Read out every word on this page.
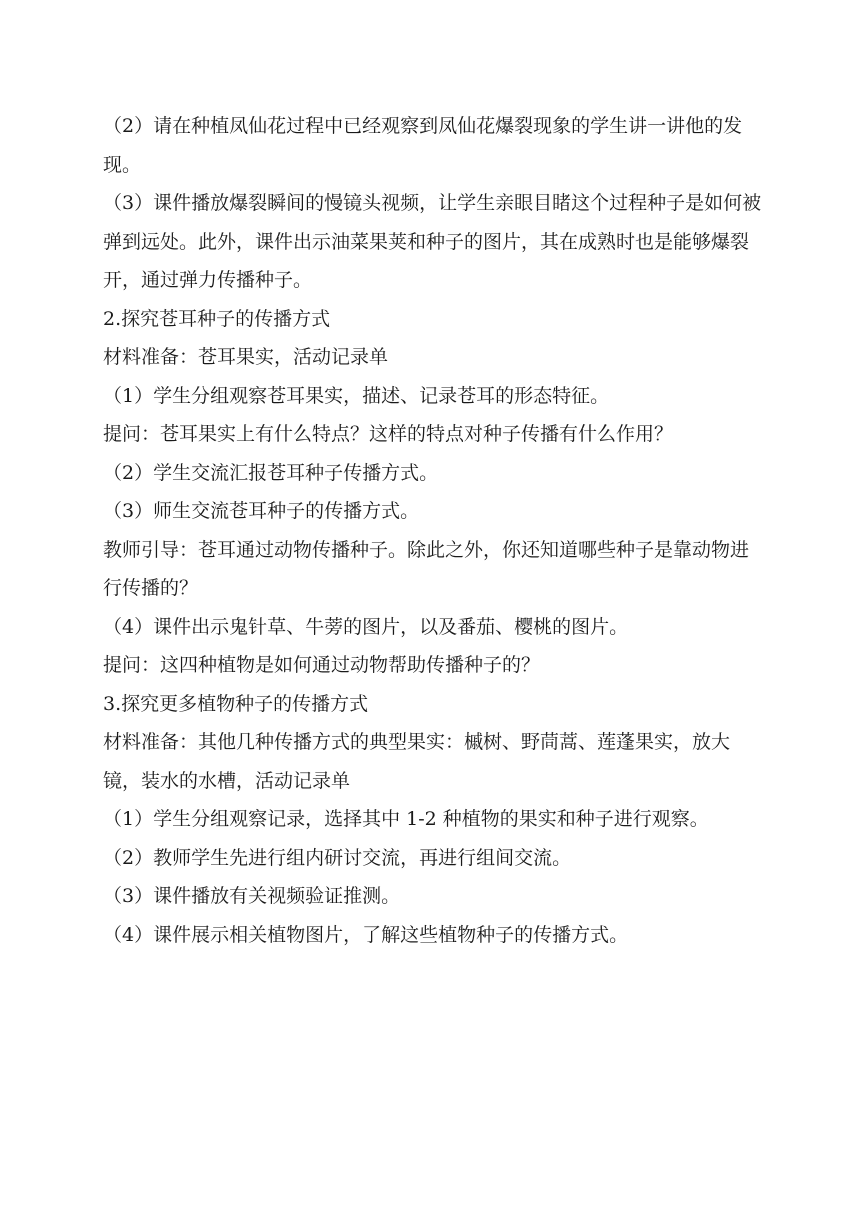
（2）请在种植凤仙花过程中已经观察到凤仙花爆裂现象的学生讲一讲他的发现。

（3）课件播放爆裂瞬间的慢镜头视频，让学生亲眼目睹这个过程种子是如何被弹到远处。此外，课件出示油菜果荚和种子的图片，其在成熟时也是能够爆裂开，通过弹力传播种子。

2.探究苍耳种子的传播方式

材料准备：苍耳果实，活动记录单

（1）学生分组观察苍耳果实，描述、记录苍耳的形态特征。

提问：苍耳果实上有什么特点？这样的特点对种子传播有什么作用？

（2）学生交流汇报苍耳种子传播方式。

（3）师生交流苍耳种子的传播方式。

教师引导：苍耳通过动物传播种子。除此之外，你还知道哪些种子是靠动物进行传播的？

（4）课件出示鬼针草、牛蒡的图片，以及番茄、樱桃的图片。

提问：这四种植物是如何通过动物帮助传播种子的？

3.探究更多植物种子的传播方式

材料准备：其他几种传播方式的典型果实：槭树、野茼蒿、莲蓬果实，放大镜，装水的水槽，活动记录单

（1）学生分组观察记录，选择其中 1-2 种植物的果实和种子进行观察。

（2）教师学生先进行组内研讨交流，再进行组间交流。

（3）课件播放有关视频验证推测。

（4）课件展示相关植物图片，了解这些植物种子的传播方式。
